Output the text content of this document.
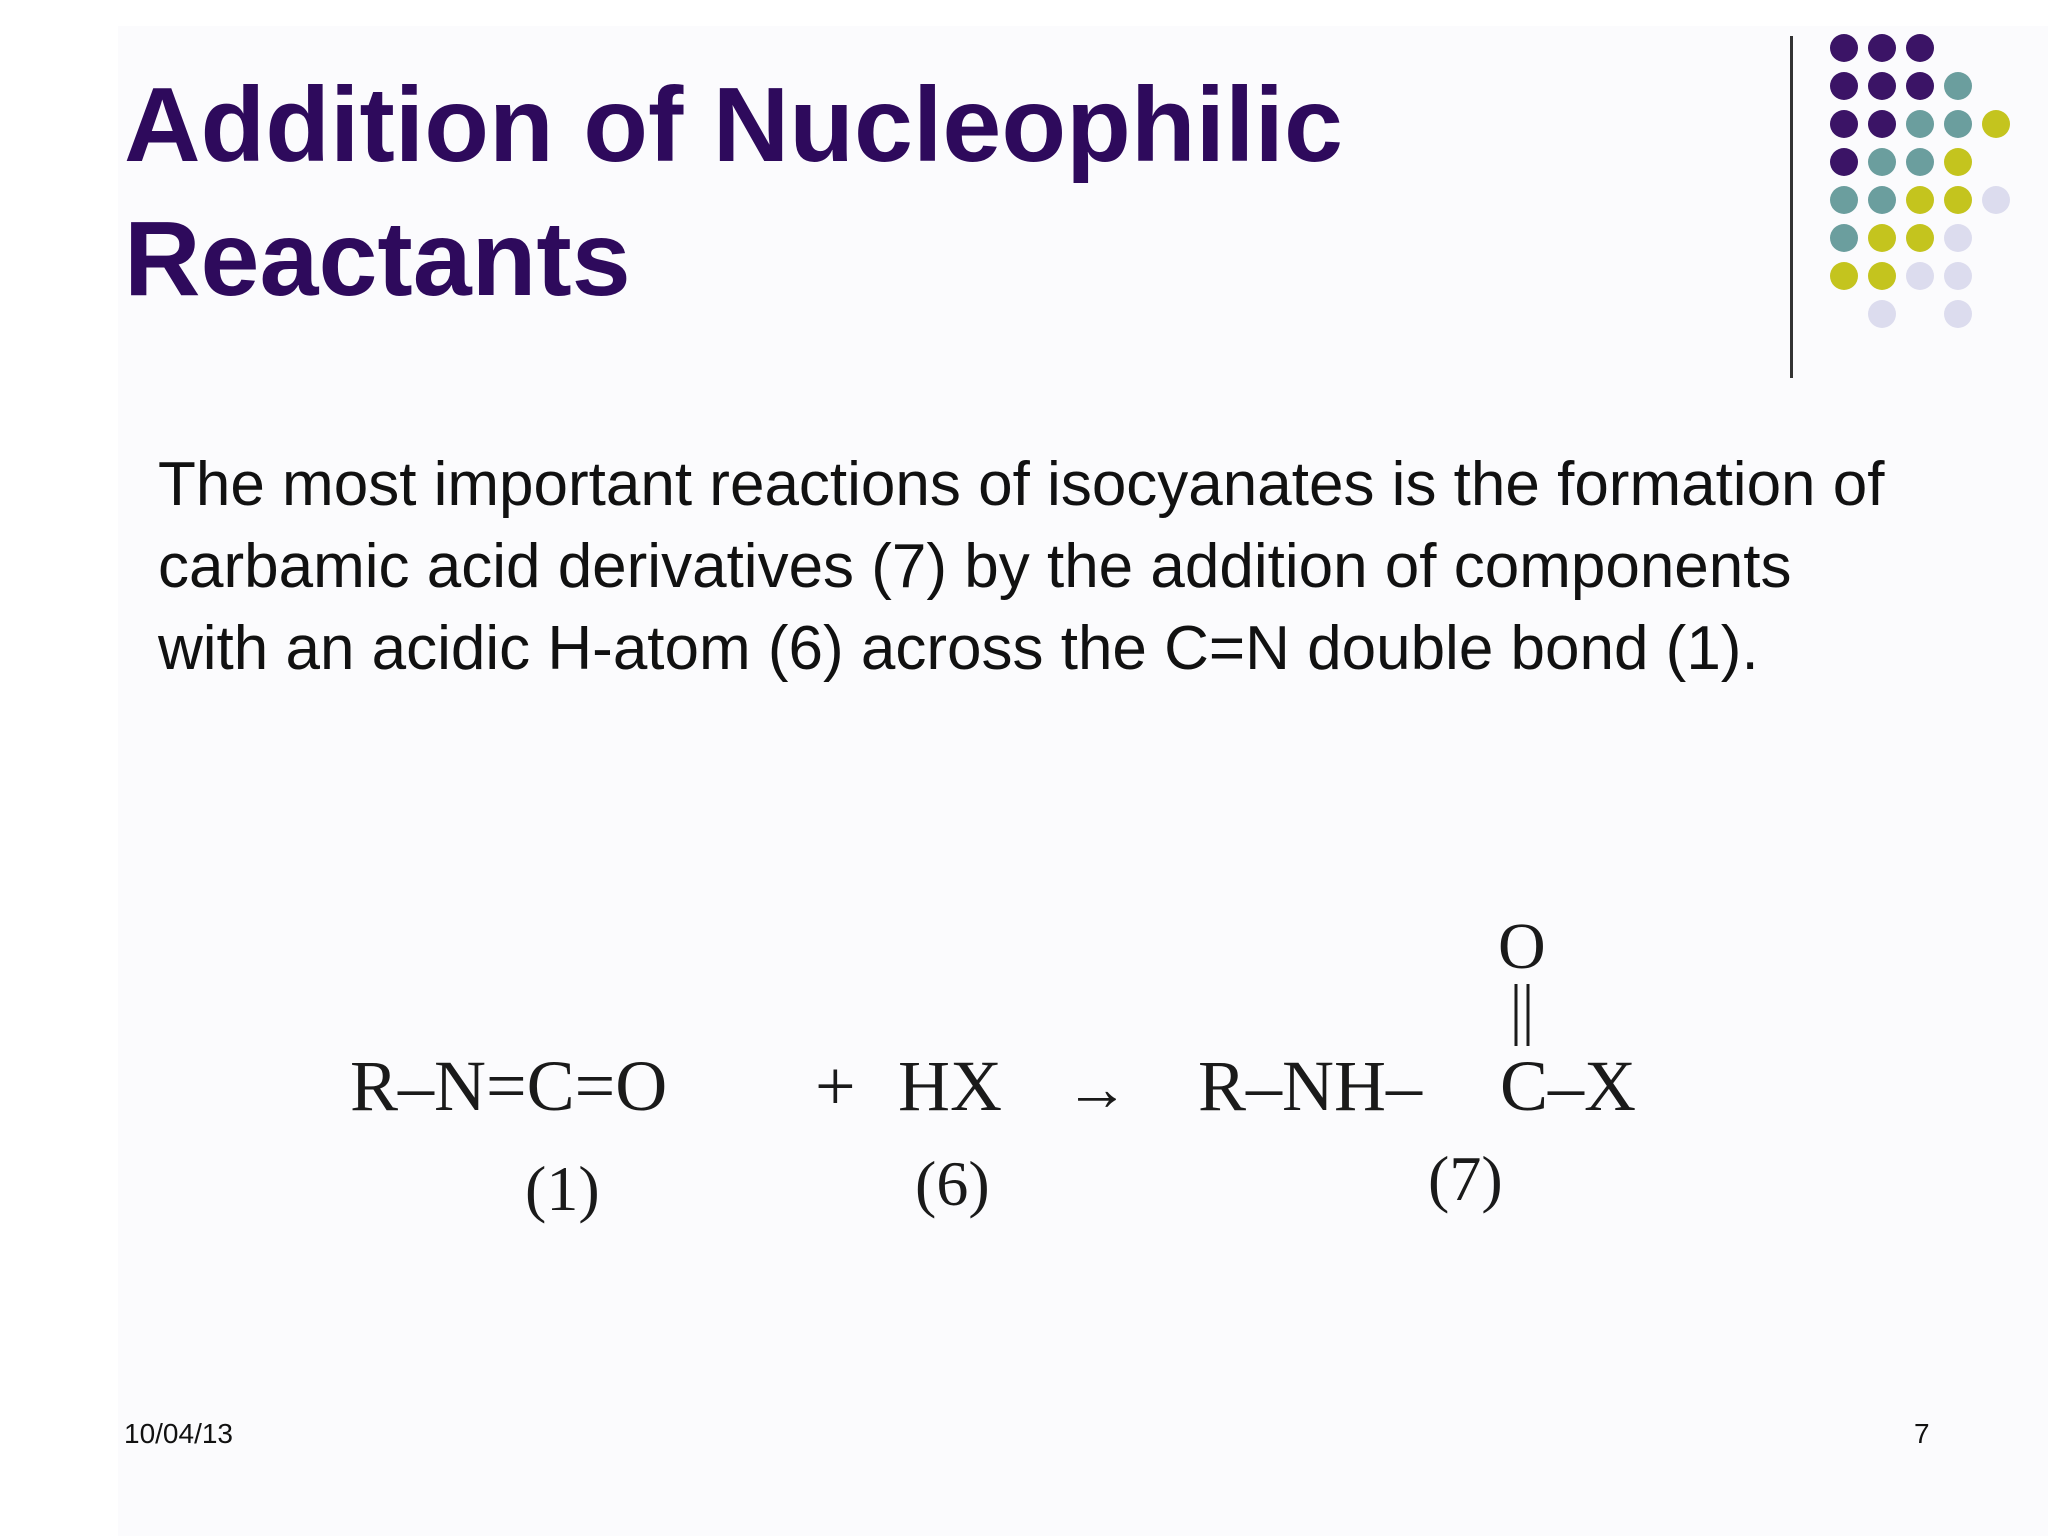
Addition of Nucleophilic Reactants

The most important reactions of isocyanates is the formation of carbamic acid derivatives (7) by the addition of components with an acidic H-atom (6) across the C=N double bond (1).

R–N=C=O + HX → R–NH– C –X
O
(1)	(6)	(7)
10/04/13	7
